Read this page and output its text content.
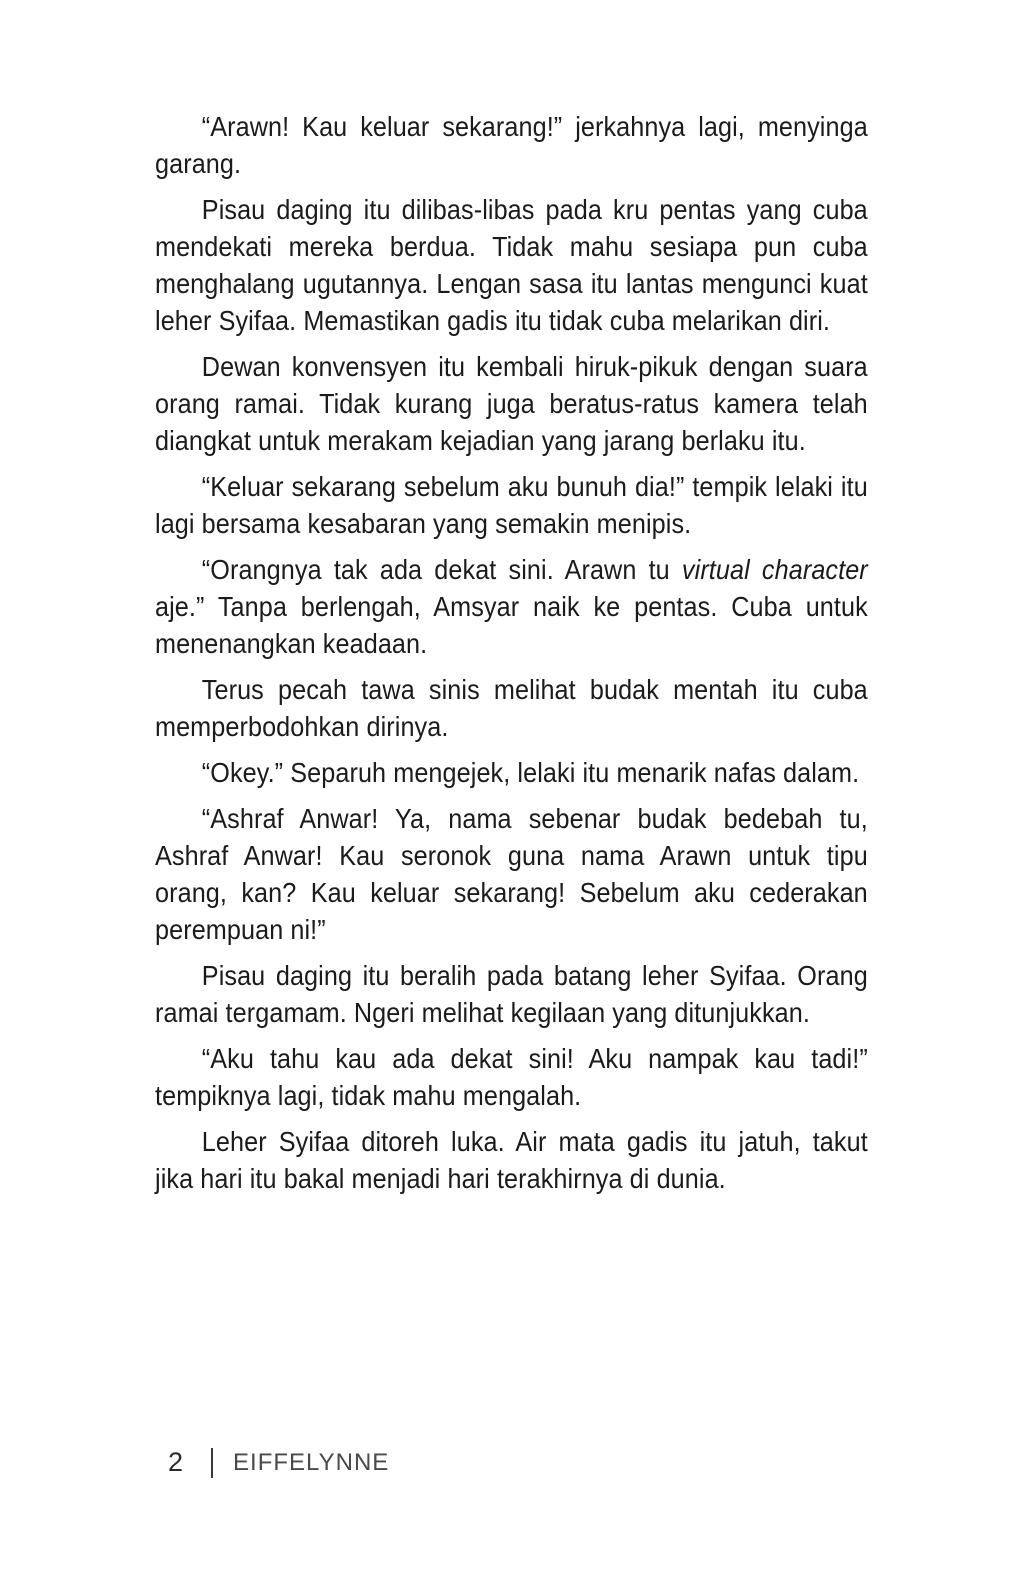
“Arawn! Kau keluar sekarang!” jerkahnya lagi, menyinga garang.

Pisau daging itu dilibas-libas pada kru pentas yang cuba mendekati mereka berdua. Tidak mahu sesiapa pun cuba menghalang ugutannya. Lengan sasa itu lantas mengunci kuat leher Syifaa. Memastikan gadis itu tidak cuba melarikan diri.

Dewan konvensyen itu kembali hiruk-pikuk dengan suara orang ramai. Tidak kurang juga beratus-ratus kamera telah diangkat untuk merakam kejadian yang jarang berlaku itu.

“Keluar sekarang sebelum aku bunuh dia!” tempik lelaki itu lagi bersama kesabaran yang semakin menipis.

“Orangnya tak ada dekat sini. Arawn tu virtual character aje.” Tanpa berlengah, Amsyar naik ke pentas. Cuba untuk menenangkan keadaan.

Terus pecah tawa sinis melihat budak mentah itu cuba memperbodohkan dirinya.

“Okey.” Separuh mengejek, lelaki itu menarik nafas dalam.

“Ashraf Anwar! Ya, nama sebenar budak bedebah tu, Ashraf Anwar! Kau seronok guna nama Arawn untuk tipu orang, kan? Kau keluar sekarang! Sebelum aku cederakan perempuan ni!”

Pisau daging itu beralih pada batang leher Syifaa. Orang ramai tergamam. Ngeri melihat kegilaan yang ditunjukkan.

“Aku tahu kau ada dekat sini! Aku nampak kau tadi!” tempiknya lagi, tidak mahu mengalah.

Leher Syifaa ditoreh luka. Air mata gadis itu jatuh, takut jika hari itu bakal menjadi hari terakhirnya di dunia.

2 EIFFELYNNE
